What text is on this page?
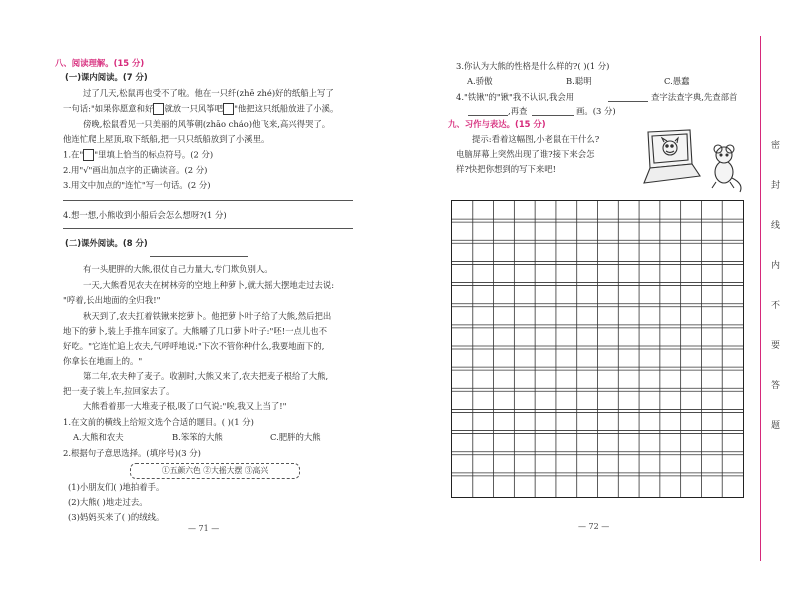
八、阅读理解。(15 分)
(一)课内阅读。(7 分)
过了几天,松鼠再也受不了啦。他在一只纤(zhē zhé)好的纸船上写了
一句话:"如果你愿意和好 就放一只风筝吧 "他把这只纸船放进了小溪。
傍晚,松鼠看见一只美丽的风筝朝(zhāo cháo)他飞来,高兴得哭了。
他连忙爬上屋顶,取下纸船,把一只只纸船放到了小溪里。
1.在" "里填上恰当的标点符号。(2 分)
2.用"√"画出加点字的正确读音。(2 分)
3.用文中加点的"连忙"写一句话。(2 分)
4.想一想,小熊收到小船后会怎么想呀?(1 分)
(二)课外阅读。(8 分)
有一头肥胖的大熊,很仗自己力量大,专门欺负别人。
一天,大熊看见农夫在树林旁的空地上种萝卜,就大摇大摆地走过去说:
"哼着,长出地面的全归我!"
秋天到了,农夫扛着铁锹来挖萝卜。他把萝卜叶子给了大熊,然后把出
地下的萝卜,装上手推车回家了。大熊嚼了几口萝卜叶子:"呸!一点儿也不
好吃。"它连忙追上农夫,气呼呼地说:"下次不管你种什么,我要地面下的,
你拿长在地面上的。"
第二年,农夫种了麦子。收割时,大熊又来了,农夫把麦子根给了大熊,
把一麦子装上车,拉回家去了。
大熊看着那一大堆麦子根,吸了口气说:"唉,我又上当了!"
1.在文前的横线上给短文选个合适的题目。( )(1 分)
A.大熊和农夫	B.笨笨的大熊	C.肥胖的大熊
2.根据句子意思选择。(填序号)(3 分)
①五颜六色 ②大摇大摆 ③高兴
(1)小朋友们( )地拍着手。
(2)大熊( )地走过去。
(3)妈妈买来了( )的绒线。
— 71 —
3.你认为大熊的性格是什么样的?( )(1 分)
A.骄傲	B.聪明	C.愚蠢
4."铁锹"的"锹"我不认识,我会用	查字法查字典,先查部首
,再查	画。(3 分)
九、习作与表达。(15 分)
提示:看着这幅图,小老鼠在干什么?
电脑屏幕上突然出现了谁?接下来会怎
样?快把你想到的写下来吧!
— 72 —
密
封
线
内
不
要
答
题
